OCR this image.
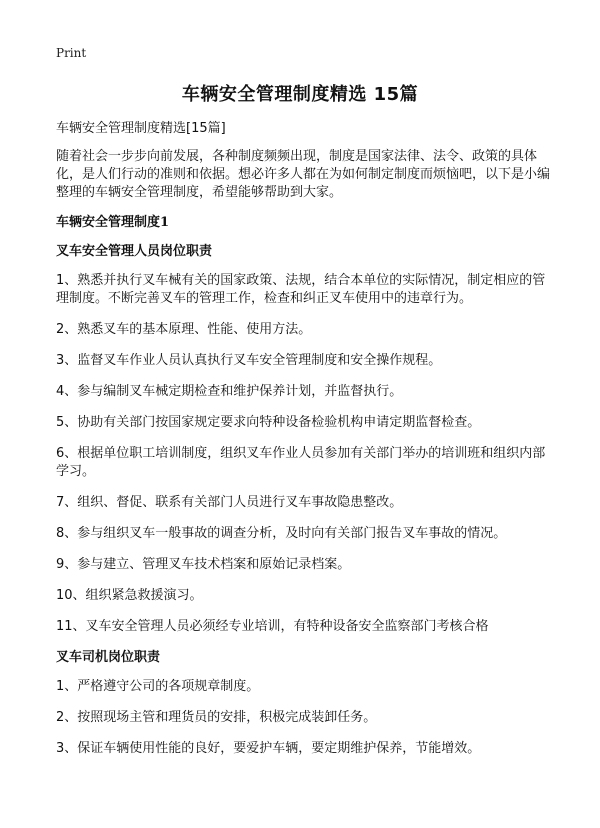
Print
车辆安全管理制度精选 15篇

车辆安全管理制度精选[15篇]

随着社会一步步向前发展，各种制度频频出现，制度是国家法律、法令、政策的具体化，是人们行动的准则和依据。想必许多人都在为如何制定制度而烦恼吧，以下是小编整理的车辆安全管理制度，希望能够帮助到大家。

车辆安全管理制度1

叉车安全管理人员岗位职责

1、熟悉并执行叉车械有关的国家政策、法规，结合本单位的实际情况，制定相应的管理制度。不断完善叉车的管理工作，检查和纠正叉车使用中的违章行为。

2、熟悉叉车的基本原理、性能、使用方法。

3、监督叉车作业人员认真执行叉车安全管理制度和安全操作规程。

4、参与编制叉车械定期检查和维护保养计划，并监督执行。

5、协助有关部门按国家规定要求向特种设备检验机构申请定期监督检查。

6、根据单位职工培训制度，组织叉车作业人员参加有关部门举办的培训班和组织内部学习。

7、组织、督促、联系有关部门人员进行叉车事故隐患整改。

8、参与组织叉车一般事故的调查分析，及时向有关部门报告叉车事故的情况。

9、参与建立、管理叉车技术档案和原始记录档案。

10、组织紧急救援演习。

11、叉车安全管理人员必须经专业培训，有特种设备安全监察部门考核合格

叉车司机岗位职责

1、严格遵守公司的各项规章制度。

2、按照现场主管和理货员的安排，积极完成装卸任务。

3、保证车辆使用性能的良好，要爱护车辆，要定期维护保养，节能增效。
